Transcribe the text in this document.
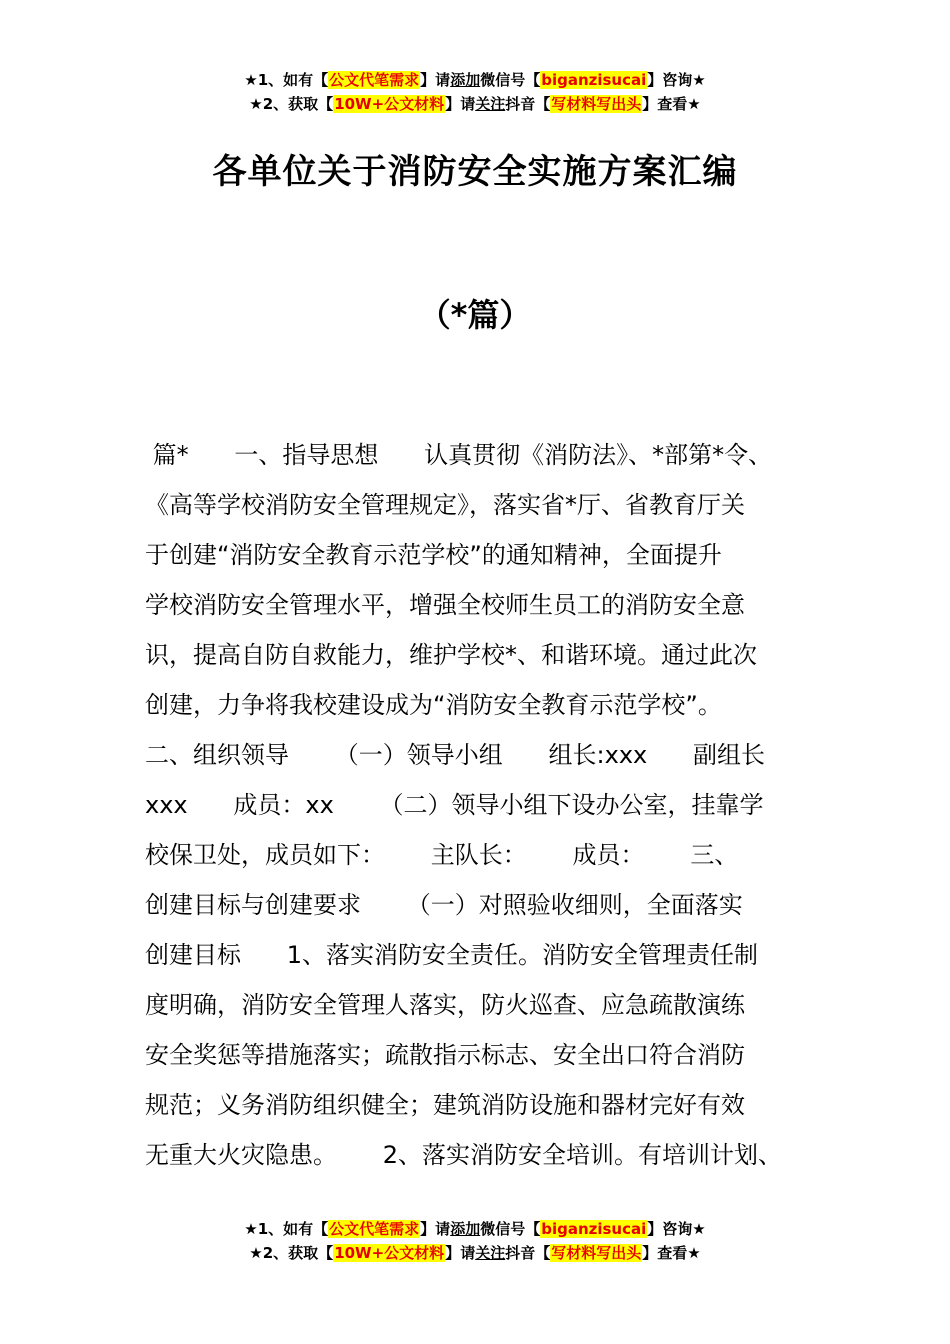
★1、如有【公文代笔需求】请添加微信号【biganzisucai】咨询★
★2、获取【10W+公文材料】请关注抖音【写材料写出头】查看★
各单位关于消防安全实施方案汇编
（*篇）
篇*      一、指导思想      认真贯彻《消防法》、*部第*令、
《高等学校消防安全管理规定》，落实省*厅、省教育厅关
于创建“消防安全教育示范学校”的通知精神，全面提升
学校消防安全管理水平，增强全校师生员工的消防安全意
识，提高自防自救能力，维护学校*、和谐环境。通过此次
创建，力争将我校建设成为“消防安全教育示范学校”。
二、组织领导      （一）领导小组      组长:xxx      副组长
xxx      成员：xx      （二）领导小组下设办公室，挂靠学
校保卫处，成员如下：      主队长：      成员：      三、
创建目标与创建要求      （一）对照验收细则，全面落实
创建目标      1、落实消防安全责任。消防安全管理责任制
度明确，消防安全管理人落实，防火巡查、应急疏散演练
安全奖惩等措施落实；疏散指示标志、安全出口符合消防
规范；义务消防组织健全；建筑消防设施和器材完好有效
无重大火灾隐患。      2、落实消防安全培训。有培训计划、
★1、如有【公文代笔需求】请添加微信号【biganzisucai】咨询★
★2、获取【10W+公文材料】请关注抖音【写材料写出头】查看★
